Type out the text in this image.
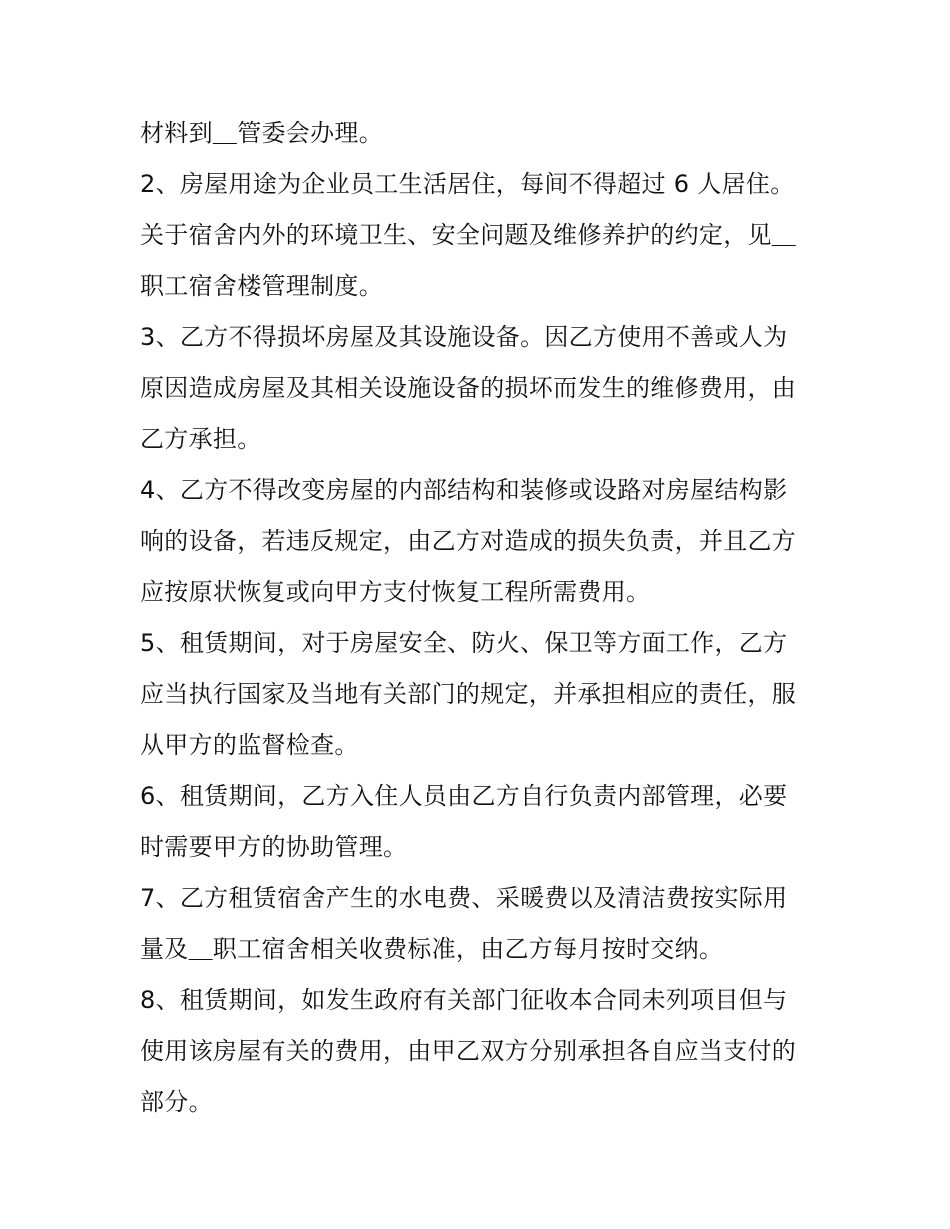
材料到＿管委会办理。
2、房屋用途为企业员工生活居住，每间不得超过 6 人居住。
关于宿舍内外的环境卫生、安全问题及维修养护的约定，见＿
职工宿舍楼管理制度。
3、乙方不得损坏房屋及其设施设备。因乙方使用不善或人为
原因造成房屋及其相关设施设备的损坏而发生的维修费用，由
乙方承担。
4、乙方不得改变房屋的内部结构和装修或设路对房屋结构影
响的设备，若违反规定，由乙方对造成的损失负责，并且乙方
应按原状恢复或向甲方支付恢复工程所需费用。
5、租赁期间，对于房屋安全、防火、保卫等方面工作，乙方
应当执行国家及当地有关部门的规定，并承担相应的责任，服
从甲方的监督检查。
6、租赁期间，乙方入住人员由乙方自行负责内部管理，必要
时需要甲方的协助管理。
7、乙方租赁宿舍产生的水电费、采暖费以及清洁费按实际用
量及＿职工宿舍相关收费标准，由乙方每月按时交纳。
8、租赁期间，如发生政府有关部门征收本合同未列项目但与
使用该房屋有关的费用，由甲乙双方分别承担各自应当支付的
部分。
